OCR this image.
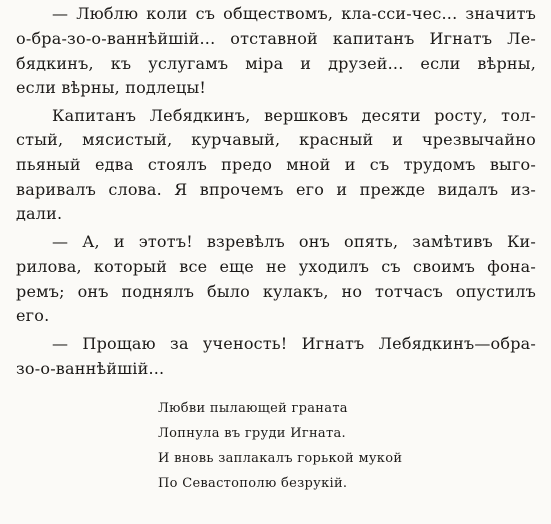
— Люблю коли съ обществомъ, кла-сси-чес... значитъ
о-бра-зо-о-ваннѣйшій... отставной капитанъ Игнатъ Ле-
бядкинъ, къ услугамъ міра и друзей... если вѣрны,
если вѣрны, подлецы!
Капитанъ Лебядкинъ, вершковъ десяти росту, тол-
стый, мясистый, курчавый, красный и чрезвычайно
пьяный едва стоялъ предо мной и съ трудомъ выго-
варивалъ слова. Я впрочемъ его и прежде видалъ из-
дали.
— А, и этотъ! взревѣлъ онъ опять, замѣтивъ Ки-
рилова, который все еще не уходилъ съ своимъ фона-
ремъ; онъ поднялъ было кулакъ, но тотчасъ опустилъ
его.
— Прощаю за ученость! Игнатъ Лебядкинъ—обра-
зо-о-ваннѣйшій...
Любви пылающей граната
Лопнула въ груди Игната.
И вновь заплакалъ горькой мукой
По Севастополю безрукій.
